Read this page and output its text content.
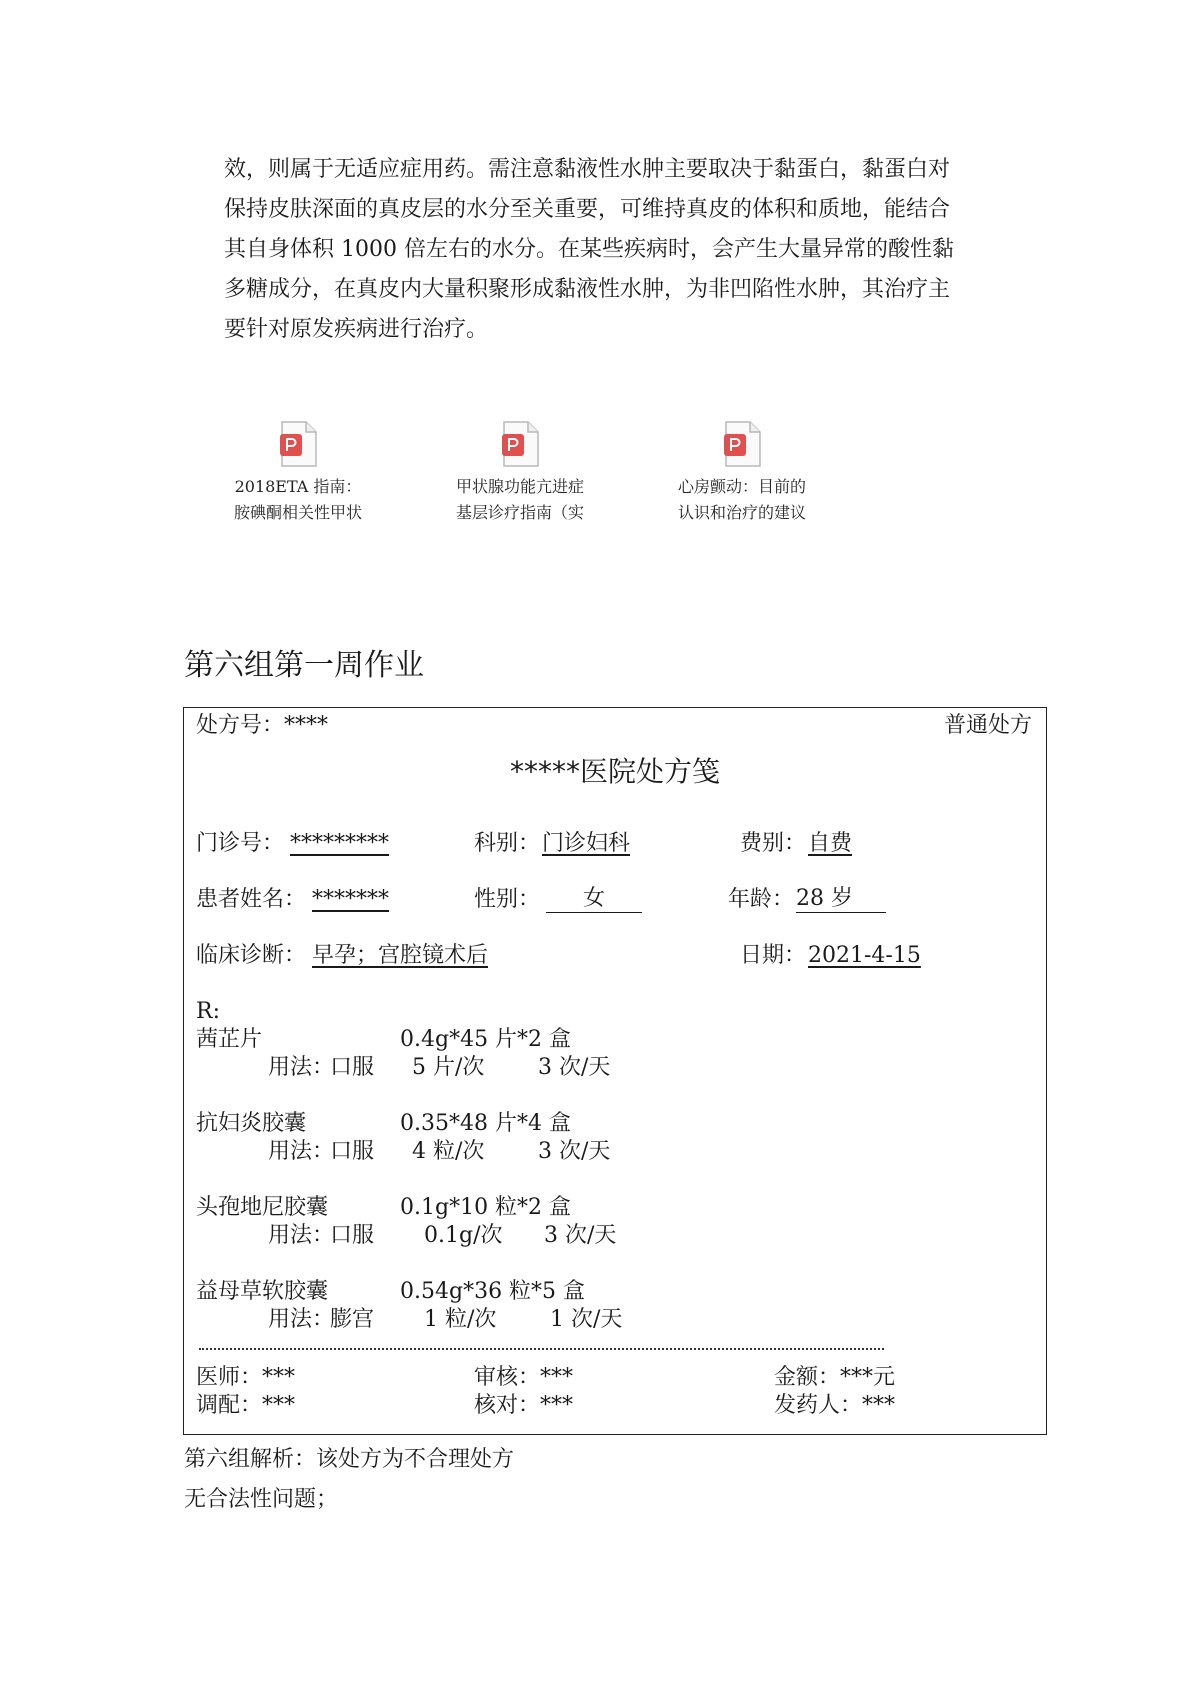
效，则属于无适应症用药。需注意黏液性水肿主要取决于黏蛋白，黏蛋白对
保持皮肤深面的真皮层的水分至关重要，可维持真皮的体积和质地，能结合
其自身体积 1000 倍左右的水分。在某些疾病时，会产生大量异常的酸性黏
多糖成分，在真皮内大量积聚形成黏液性水肿，为非凹陷性水肿，其治疗主
要针对原发疾病进行治疗。
2018ETA 指南：
胺碘酮相关性甲状
甲状腺功能亢进症
基层诊疗指南（实
心房颤动：目前的
认识和治疗的建议
第六组第一周作业
处方号： ****	普通处方
*****医院处方笺
门诊号： *********	科别： 门诊妇科	费别： 自费
患者姓名： *******	性别：	女	年龄： 28 岁
临床诊断： 早孕；宫腔镜术后	日期： 2021-4-15
R:
茜芷片	0.4g*45 片*2 盒
用法：
口服 5 片/次 3 次/天
抗妇炎胶囊	0.35*48 片*4 盒
用法：
口服 4 粒/次 3 次/天
头孢地尼胶囊	0.1g*10 粒*2 盒
用法：
口服 0.1g/次 3 次/天
益母草软胶囊	0.54g*36 粒*5 盒
用法：
膨宫 1 粒/次 1 次/天
医师：***	审核：***	金额：***元
调配：***	核对：***	发药人：***
第六组解析：该处方为不合理处方
无合法性问题；
